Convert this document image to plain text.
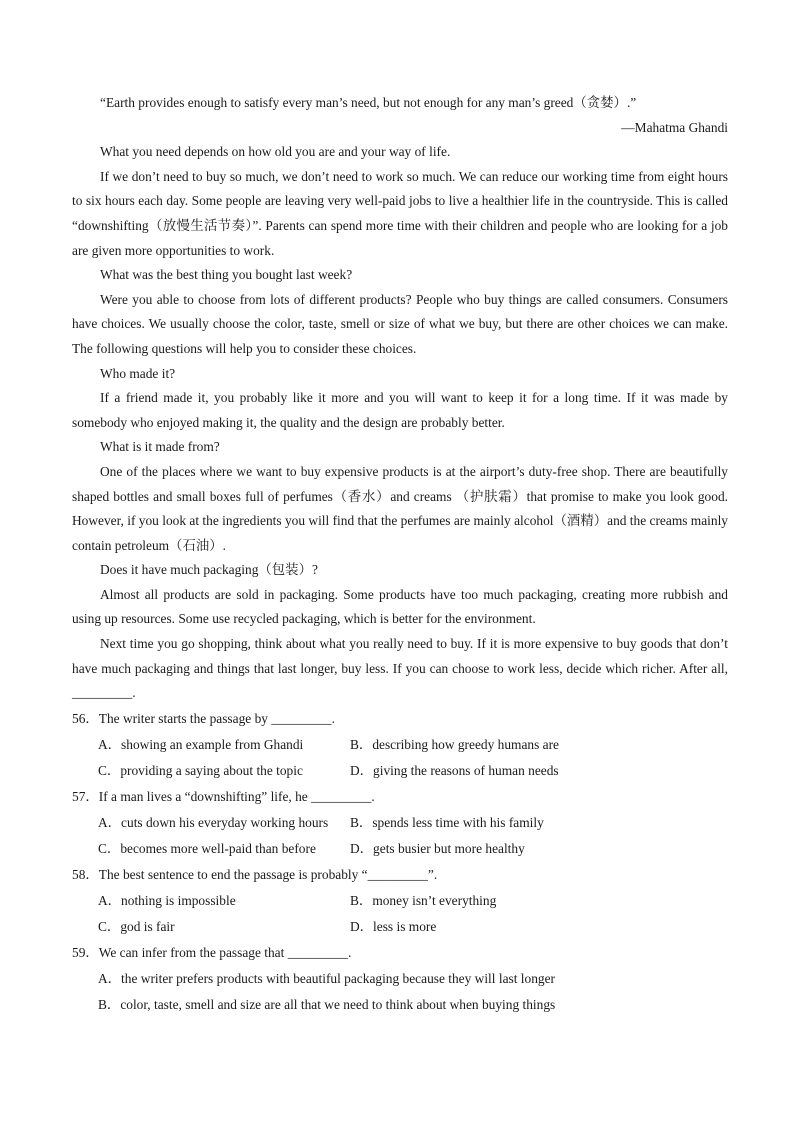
“Earth provides enough to satisfy every man’s need, but not enough for any man’s greed（贪婪）.”

—Mahatma Ghandi

What you need depends on how old you are and your way of life.

If we don’t need to buy so much, we don’t need to work so much. We can reduce our working time from eight hours to six hours each day. Some people are leaving very well-paid jobs to live a healthier life in the countryside. This is called “downshifting（放慢生活节奏）”. Parents can spend more time with their children and people who are looking for a job are given more opportunities to work.

What was the best thing you bought last week?

Were you able to choose from lots of different products? People who buy things are called consumers. Consumers have choices. We usually choose the color, taste, smell or size of what we buy, but there are other choices we can make. The following questions will help you to consider these choices.

Who made it?

If a friend made it, you probably like it more and you will want to keep it for a long time. If it was made by somebody who enjoyed making it, the quality and the design are probably better.

What is it made from?

One of the places where we want to buy expensive products is at the airport’s duty-free shop. There are beautifully shaped bottles and small boxes full of perfumes（香水）and creams （护肤霜）that promise to make you look good. However, if you look at the ingredients you will find that the perfumes are mainly alcohol（酒精）and the creams mainly contain petroleum（石油）.

Does it have much packaging（包装）?

Almost all products are sold in packaging. Some products have too much packaging, creating more rubbish and using up resources. Some use recycled packaging, which is better for the environment.

Next time you go shopping, think about what you really need to buy. If it is more expensive to buy goods that don’t have much packaging and things that last longer, buy less. If you can choose to work less, decide which richer. After all, _________.

56．The writer starts the passage by _________.

A．showing an example from Ghandi	B．describing how greedy humans are
C．providing a saying about the topic	D．giving the reasons of human needs

57．If a man lives a “downshifting” life, he _________.

A．cuts down his everyday working hours	B．spends less time with his family
C．becomes more well-paid than before	D．gets busier but more healthy

58．The best sentence to end the passage is probably “_________”.

A．nothing is impossible	B．money isn’t everything
C．god is fair	D．less is more

59．We can infer from the passage that _________.

A．the writer prefers products with beautiful packaging because they will last longer
B．color, taste, smell and size are all that we need to think about when buying things
